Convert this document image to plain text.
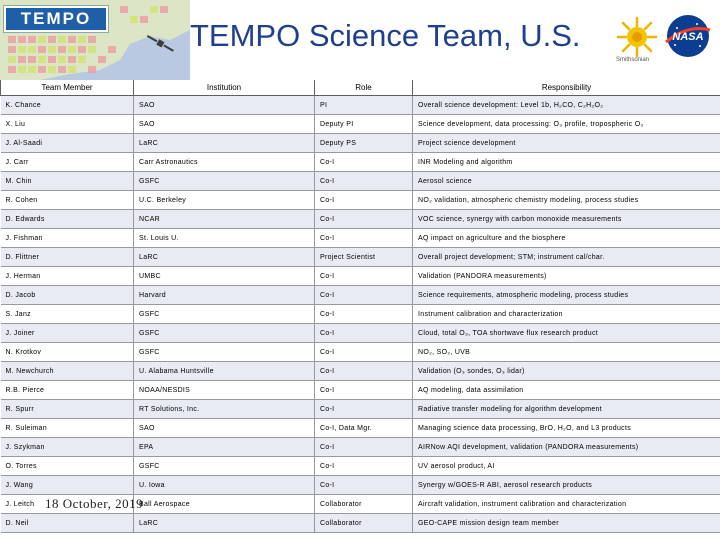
TEMPO	TEMPO Science Team, U.S.
Smithsonian
NASA
Team Member	Institution	Role	Responsibility
K. Chance	SAO	PI	Overall science development: Level 1b, H₂CO, C₂H₂O₂
X. Liu	SAO	Deputy PI	Science development, data processing: O₃ profile, tropospheric O₃
J. Al-Saadi	LaRC	Deputy PS	Project science development
J. Carr	Carr Astronautics	Co-I	INR Modeling and algorithm
M. Chin	GSFC	Co-I	Aerosol science
R. Cohen	U.C. Berkeley	Co-I	NO₂ validation, atmospheric chemistry modeling, process studies
D. Edwards	NCAR	Co-I	VOC science, synergy with carbon monoxide measurements
J. Fishman	St. Louis U.	Co-I	AQ impact on agriculture and the biosphere
D. Flittner	LaRC	Project Scientist	Overall project development; STM; instrument cal/char.
J. Herman	UMBC	Co-I	Validation (PANDORA measurements)
D. Jacob	Harvard	Co-I	Science requirements, atmospheric modeling, process studies
S. Janz	GSFC	Co-I	Instrument calibration and characterization
J. Joiner	GSFC	Co-I	Cloud, total O₃, TOA shortwave flux research product
N. Krotkov	GSFC	Co-I	NO₂, SO₂, UVB
M. Newchurch	U. Alabama Huntsville	Co-I	Validation (O₃ sondes, O₃ lidar)
R.B. Pierce	NOAA/NESDIS	Co-I	AQ modeling, data assimilation
R. Spurr	RT Solutions, Inc.	Co-I	Radiative transfer modeling for algorithm development
R. Suleiman	SAO	Co-I, Data Mgr.	Managing science data processing, BrO, H₂O, and L3 products
J. Szykman	EPA	Co-I	AIRNow AQI development, validation (PANDORA measurements)
O. Torres	GSFC	Co-I	UV aerosol product, AI
J. Wang	U. Iowa	Co-I	Synergy w/GOES-R ABI, aerosol research products
J. Leitch	Ball Aerospace	Collaborator	Aircraft validation, instrument calibration and characterization
D. Neil	LaRC	Collaborator	GEO-CAPE mission design team member
18 October, 2019
